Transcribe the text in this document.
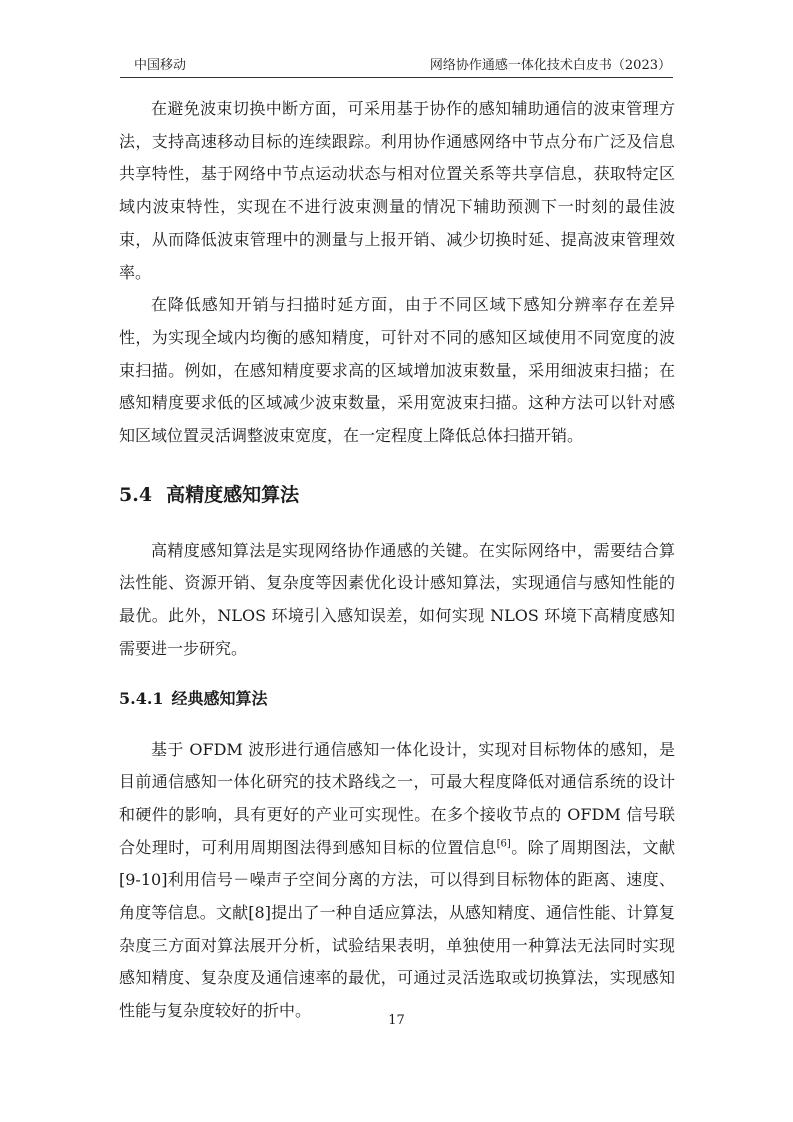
中国移动	网络协作通感一体化技术白皮书（2023）

在避免波束切换中断方面，可采用基于协作的感知辅助通信的波束管理方法，支持高速移动目标的连续跟踪。利用协作通感网络中节点分布广泛及信息共享特性，基于网络中节点运动状态与相对位置关系等共享信息，获取特定区域内波束特性，实现在不进行波束测量的情况下辅助预测下一时刻的最佳波束，从而降低波束管理中的测量与上报开销、减少切换时延、提高波束管理效率。

在降低感知开销与扫描时延方面，由于不同区域下感知分辨率存在差异性，为实现全域内均衡的感知精度，可针对不同的感知区域使用不同宽度的波束扫描。例如，在感知精度要求高的区域增加波束数量，采用细波束扫描；在感知精度要求低的区域减少波束数量，采用宽波束扫描。这种方法可以针对感知区域位置灵活调整波束宽度，在一定程度上降低总体扫描开销。

5.4 高精度感知算法

高精度感知算法是实现网络协作通感的关键。在实际网络中，需要结合算法性能、资源开销、复杂度等因素优化设计感知算法，实现通信与感知性能的最优。此外，NLOS 环境引入感知误差，如何实现 NLOS 环境下高精度感知需要进一步研究。

5.4.1 经典感知算法

基于 OFDM 波形进行通信感知一体化设计，实现对目标物体的感知，是目前通信感知一体化研究的技术路线之一，可最大程度降低对通信系统的设计和硬件的影响，具有更好的产业可实现性。在多个接收节点的 OFDM 信号联合处理时，可利用周期图法得到感知目标的位置信息[6]。除了周期图法，文献[9-10]利用信号－噪声子空间分离的方法，可以得到目标物体的距离、速度、角度等信息。文献[8]提出了一种自适应算法，从感知精度、通信性能、计算复杂度三方面对算法展开分析，试验结果表明，单独使用一种算法无法同时实现感知精度、复杂度及通信速率的最优，可通过灵活选取或切换算法，实现感知性能与复杂度较好的折中。

17
